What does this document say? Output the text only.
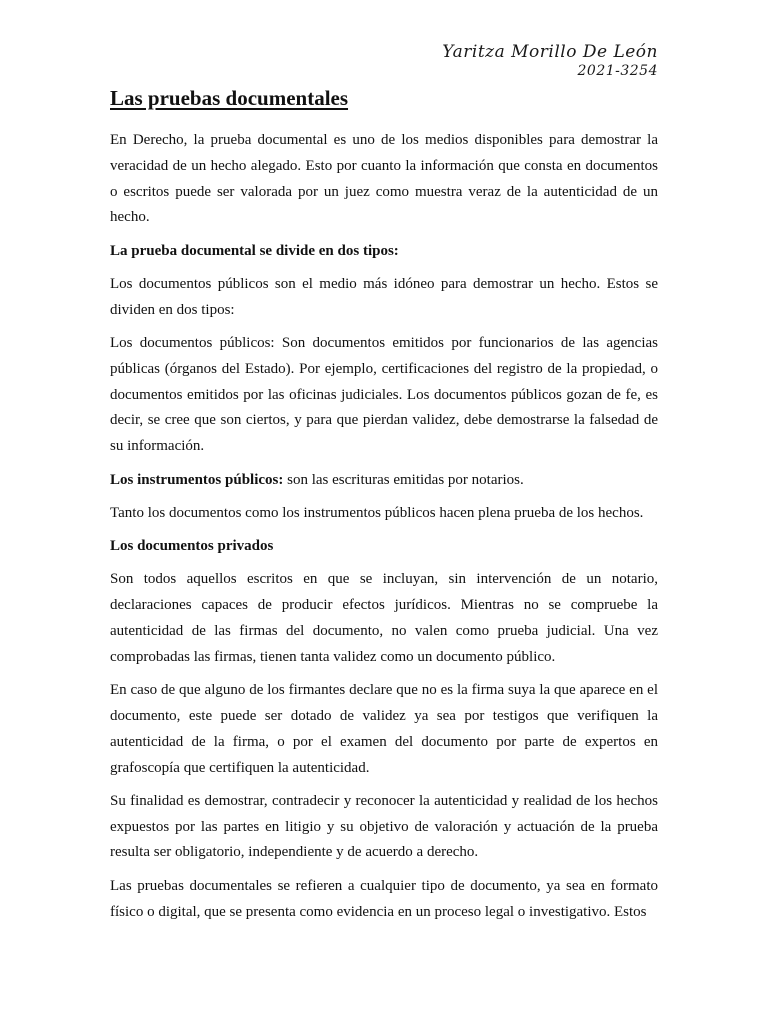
Yaritza Morillo De León
2021-3254
Las pruebas documentales

En Derecho, la prueba documental es uno de los medios disponibles para demostrar la veracidad de un hecho alegado. Esto por cuanto la información que consta en documentos o escritos puede ser valorada por un juez como muestra veraz de la autenticidad de un hecho.

La prueba documental se divide en dos tipos:

Los documentos públicos son el medio más idóneo para demostrar un hecho. Estos se dividen en dos tipos:

Los documentos públicos: Son documentos emitidos por funcionarios de las agencias públicas (órganos del Estado). Por ejemplo, certificaciones del registro de la propiedad, o documentos emitidos por las oficinas judiciales. Los documentos públicos gozan de fe, es decir, se cree que son ciertos, y para que pierdan validez, debe demostrarse la falsedad de su información.

Los instrumentos públicos: son las escrituras emitidas por notarios.

Tanto los documentos como los instrumentos públicos hacen plena prueba de los hechos.

Los documentos privados

Son todos aquellos escritos en que se incluyan, sin intervención de un notario, declaraciones capaces de producir efectos jurídicos. Mientras no se compruebe la autenticidad de las firmas del documento, no valen como prueba judicial. Una vez comprobadas las firmas, tienen tanta validez como un documento público.

En caso de que alguno de los firmantes declare que no es la firma suya la que aparece en el documento, este puede ser dotado de validez ya sea por testigos que verifiquen la autenticidad de la firma, o por el examen del documento por parte de expertos en grafoscopía que certifiquen la autenticidad.

Su finalidad es demostrar, contradecir y reconocer la autenticidad y realidad de los hechos expuestos por las partes en litigio y su objetivo de valoración y actuación de la prueba resulta ser obligatorio, independiente y de acuerdo a derecho.

Las pruebas documentales se refieren a cualquier tipo de documento, ya sea en formato físico o digital, que se presenta como evidencia en un proceso legal o investigativo. Estos
